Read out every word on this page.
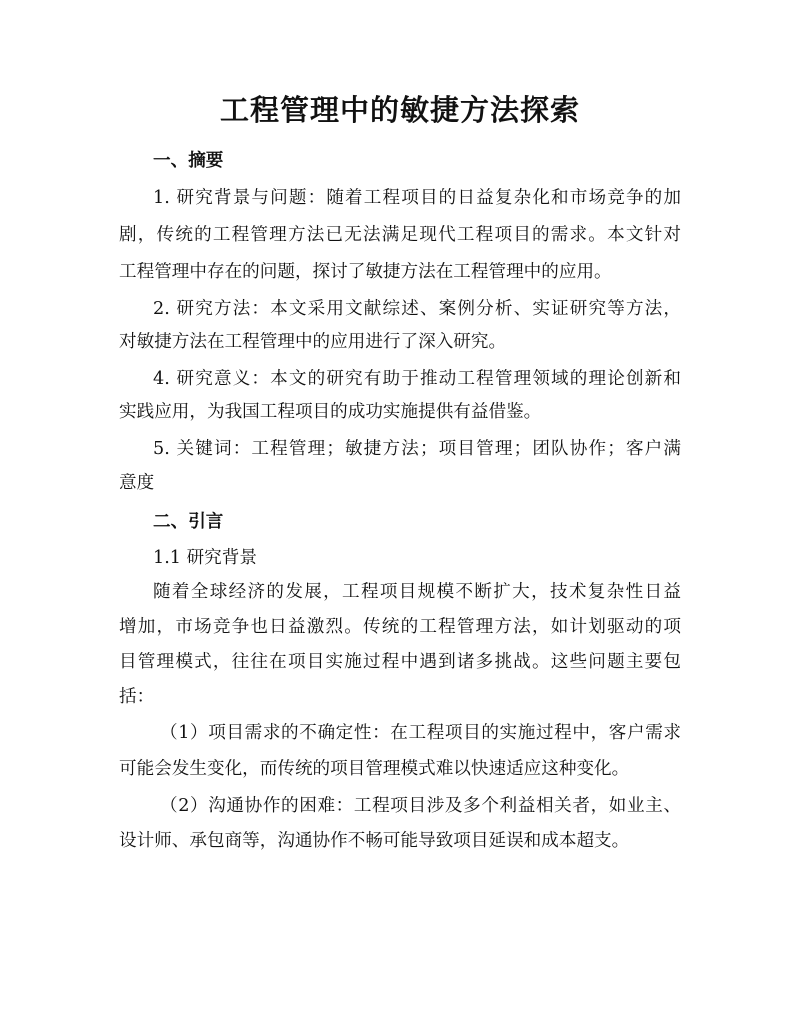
工程管理中的敏捷方法探索
一、摘要
1. 研究背景与问题：随着工程项目的日益复杂化和市场竞争的加
剧，传统的工程管理方法已无法满足现代工程项目的需求。本文针对
工程管理中存在的问题，探讨了敏捷方法在工程管理中的应用。
2. 研究方法：本文采用文献综述、案例分析、实证研究等方法，
对敏捷方法在工程管理中的应用进行了深入研究。
4. 研究意义：本文的研究有助于推动工程管理领域的理论创新和
实践应用，为我国工程项目的成功实施提供有益借鉴。
5. 关键词：工程管理；敏捷方法；项目管理；团队协作；客户满
意度
二、引言
1.1 研究背景
随着全球经济的发展，工程项目规模不断扩大，技术复杂性日益
增加，市场竞争也日益激烈。传统的工程管理方法，如计划驱动的项
目管理模式，往往在项目实施过程中遇到诸多挑战。这些问题主要包
括：
（1）项目需求的不确定性：在工程项目的实施过程中，客户需求
可能会发生变化，而传统的项目管理模式难以快速适应这种变化。
（2）沟通协作的困难：工程项目涉及多个利益相关者，如业主、
设计师、承包商等，沟通协作不畅可能导致项目延误和成本超支。
